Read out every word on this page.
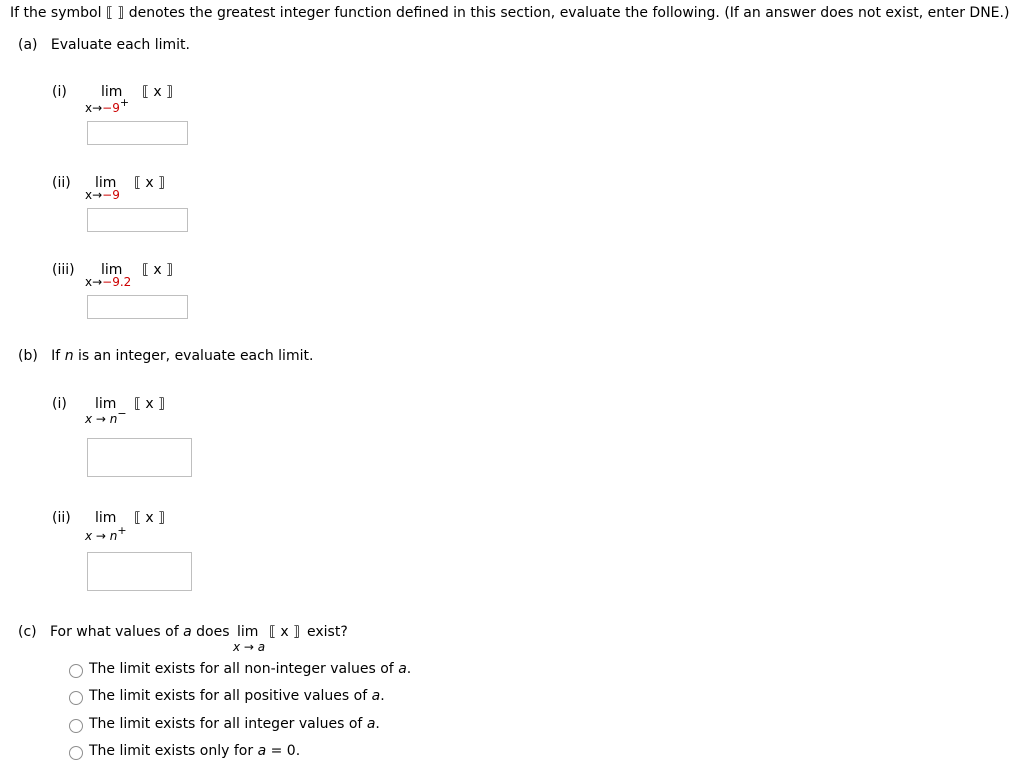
If the symbol ⟦ ⟧ denotes the greatest integer function defined in this section, evaluate the following. (If an answer does not exist, enter DNE.)
(a) Evaluate each limit.
(i) lim
x→−9+
⟦ x ⟧
(ii) lim
x→−9
⟦ x ⟧
(iii) lim
x→−9.2
⟦ x ⟧
(b) If n is an integer, evaluate each limit.
(i) lim
x → n−
⟦ x ⟧
(ii) lim
x → n+
⟦ x ⟧
(c) For what values of a does lim
x → a
⟦ x ⟧ exist?
The limit exists for all non-integer values of a.
The limit exists for all positive values of a.
The limit exists for all integer values of a.
The limit exists only for a = 0.
